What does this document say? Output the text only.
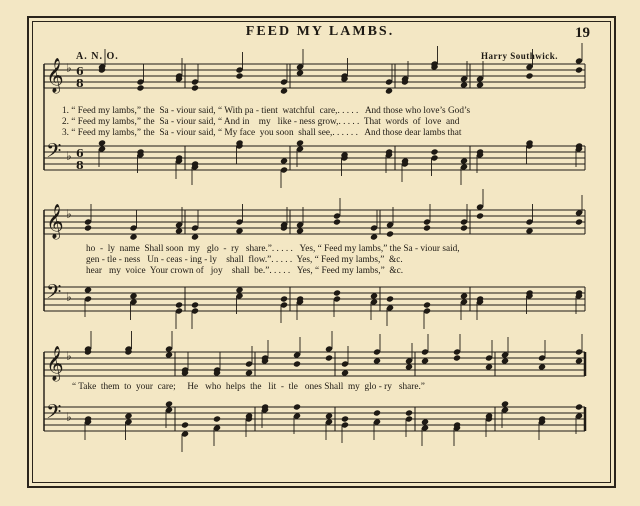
FEED MY LAMBS.	19
A. N. O.	Harry Southwick.
𝄞 ♭ 6
8
𝄢 ♭ 6
8
𝄞 ♭
𝄢 ♭
𝄞 ♭
𝄢 ♭
1. “ Feed my lambs,” the  Sa - viour said, “ With pa - tient  watchful  care,. . . . .   And those who love’s God’s
2. “ Feed my lambs,” the  Sa - viour said, “ And in    my   like - ness grow,. . . . .  That  words  of  love  and
3. “ Feed my lambs,” the  Sa - viour said, “ My face  you soon  shall see,. . . . . .   And those dear lambs that
ho  -  ly  name  Shall soon  my   glo  -  ry   share.”. . . . .   Yes, “ Feed my lambs,” the Sa - viour said,
gen - tle - ness   Un - ceas - ing - ly    shall  flow.”. . . . .  Yes, “ Feed my lambs,”  &c.
hear   my  voice  Your crown of   joy    shall  be.”. . . . .   Yes, “ Feed my lambs,”  &c.
“ Take  them  to  your  care;     He   who  helps  the   lit  -  tle   ones Shall  my  glo - ry   share.”
